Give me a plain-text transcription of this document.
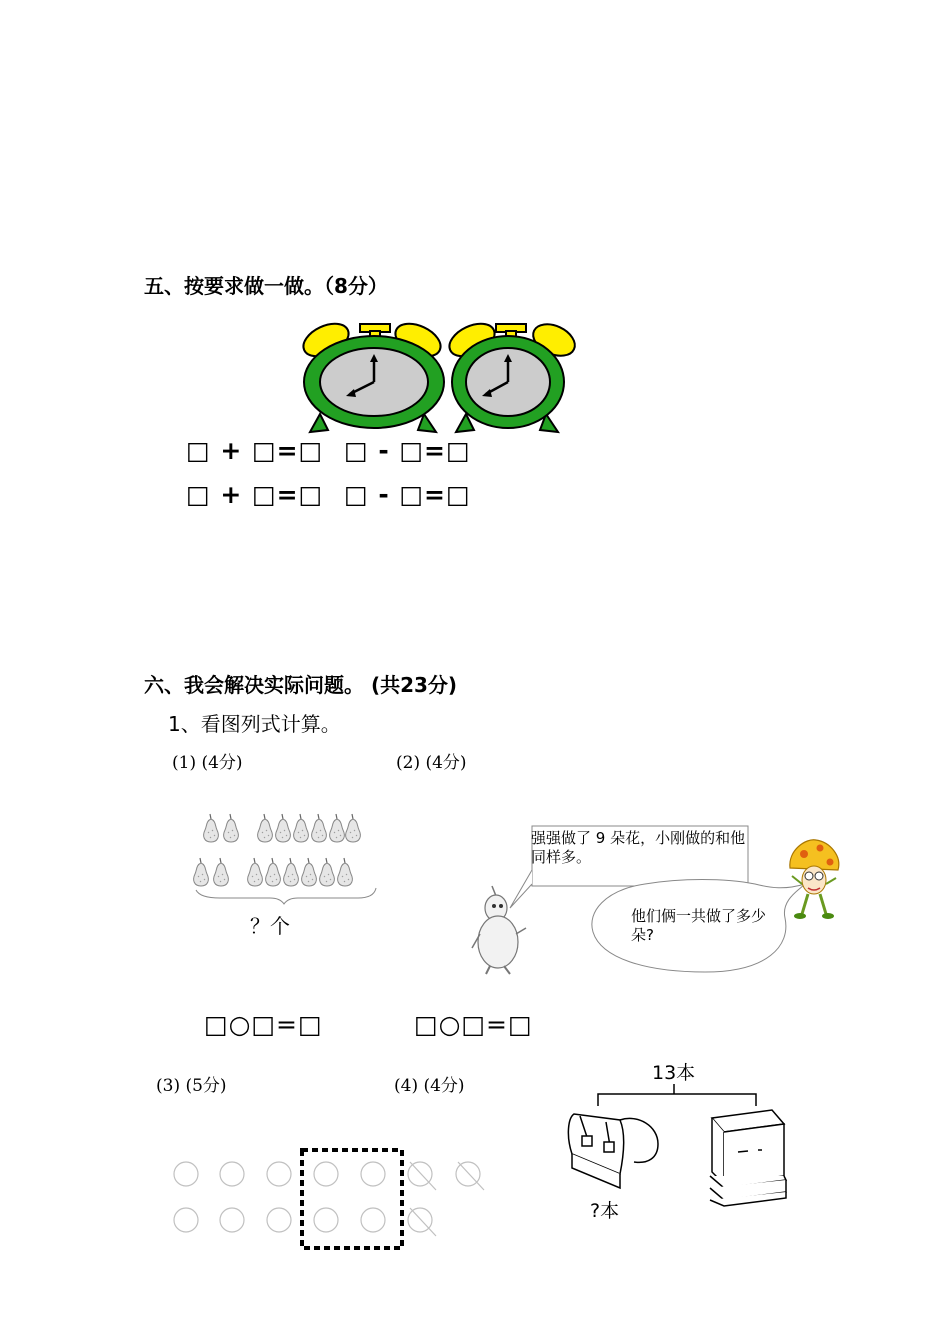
五、按要求做一做。（8分）
□ + □=□ □ - □=□
□ + □=□ □ - □=□
六、我会解决实际问题。 (共23分)
1、看图列式计算。
(1) (4分)	(2) (4分)
？个
强强做了 9 朵花，小刚做的和他同样多。
他们俩一共做了多少朵?
□○□=□	□○□=□
(3) (5分)	(4) (4分)
13本
?本
